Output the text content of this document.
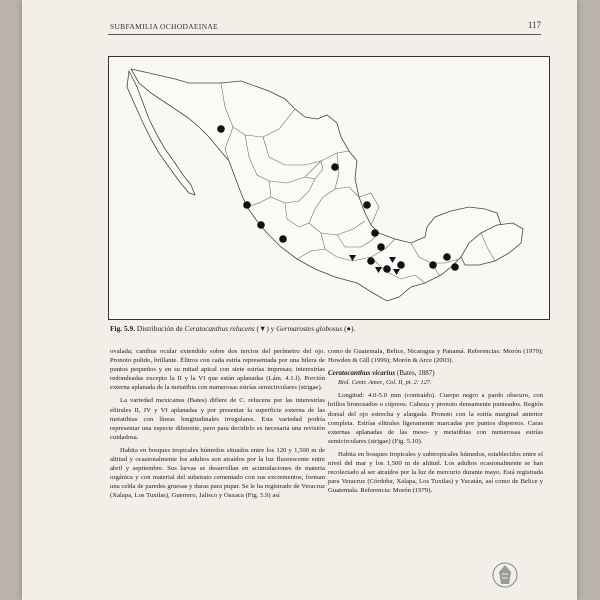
SUBFAMILIA OCHODAEINAE	117
Fig. 5.9. Distribución de Ceratocanthus relucens (▼) y Germarostes globosus (●).

ovalada; canthus ocular extendido sobre dos tercios del perímetro del ojo. Pronoto pulido, brillante. Élitros con cada estría representada por una hilera de puntos pequeños y en su mitad apical con siete estrías impresas; interestrías redondeadas excepto la II y la VI que están aplanadas (Lám. 4.1.f). Porción externa aplanada de la metatibia con numerosas estrías semicirculares (strigae).

La variedad mexicanus (Bates) difiere de C. relucens por las interestrías elitrales II, IV y VI aplanadas y por presentar la superficie externa de las metatibias con líneas longitudinales irregulares. Esta variedad podría representar una especie diferente, pero para decidirlo es necesaria una revisión cuidadosa.

Habita en bosques tropicales húmedos situados entre los 120 y 1,500 m de altitud y ocasionalmente los adultos son atraídos por la luz fluorescente entre abril y septiembre. Sus larvas se desarrollan en acumulaciones de materia orgánica y con material del substrato cementado con sus excrementos, forman una celda de paredes gruesas y duras para pupar. Se le ha registrado de Veracruz (Xalapa, Los Tuxtlas), Guerrero, Jalisco y Oaxaca (Fig. 5.9) así

como de Guatemala, Belice, Nicaragua y Panamá. Referencias: Morón (1979); Howden & Gill (1999); Morón & Arce (2003).

Ceratocanthus vicarius (Bates, 1887)
Biol. Centr. Amer., Col. II, pt. 2: 127.

Longitud: 4.0-5.0 mm (contraído). Cuerpo negro a pardo obscuro, con brillos bronceados o cúpreos. Cabeza y pronoto densamente punteados. Región dorsal del ojo estrecha y alargada. Pronoto con la estría marginal anterior completa. Estrías elitrales ligeramente marcadas por puntos dispersos. Caras externas aplanadas de las meso- y metatibias con numerosas estrías semicirculares (strigae) (Fig. 5.10).

Habita en bosques tropicales y subtropicales húmedos, establecidos entre el nivel del mar y los 1,500 m de altitud. Los adultos ocasionalmente se han recolectado al ser atraídos por la luz de mercurio durante mayo. Está registrada para Veracruz (Córdoba, Xalapa, Los Tuxtlas) y Yucatán, así como de Belice y Guatemala. Referencia: Morón (1979).
